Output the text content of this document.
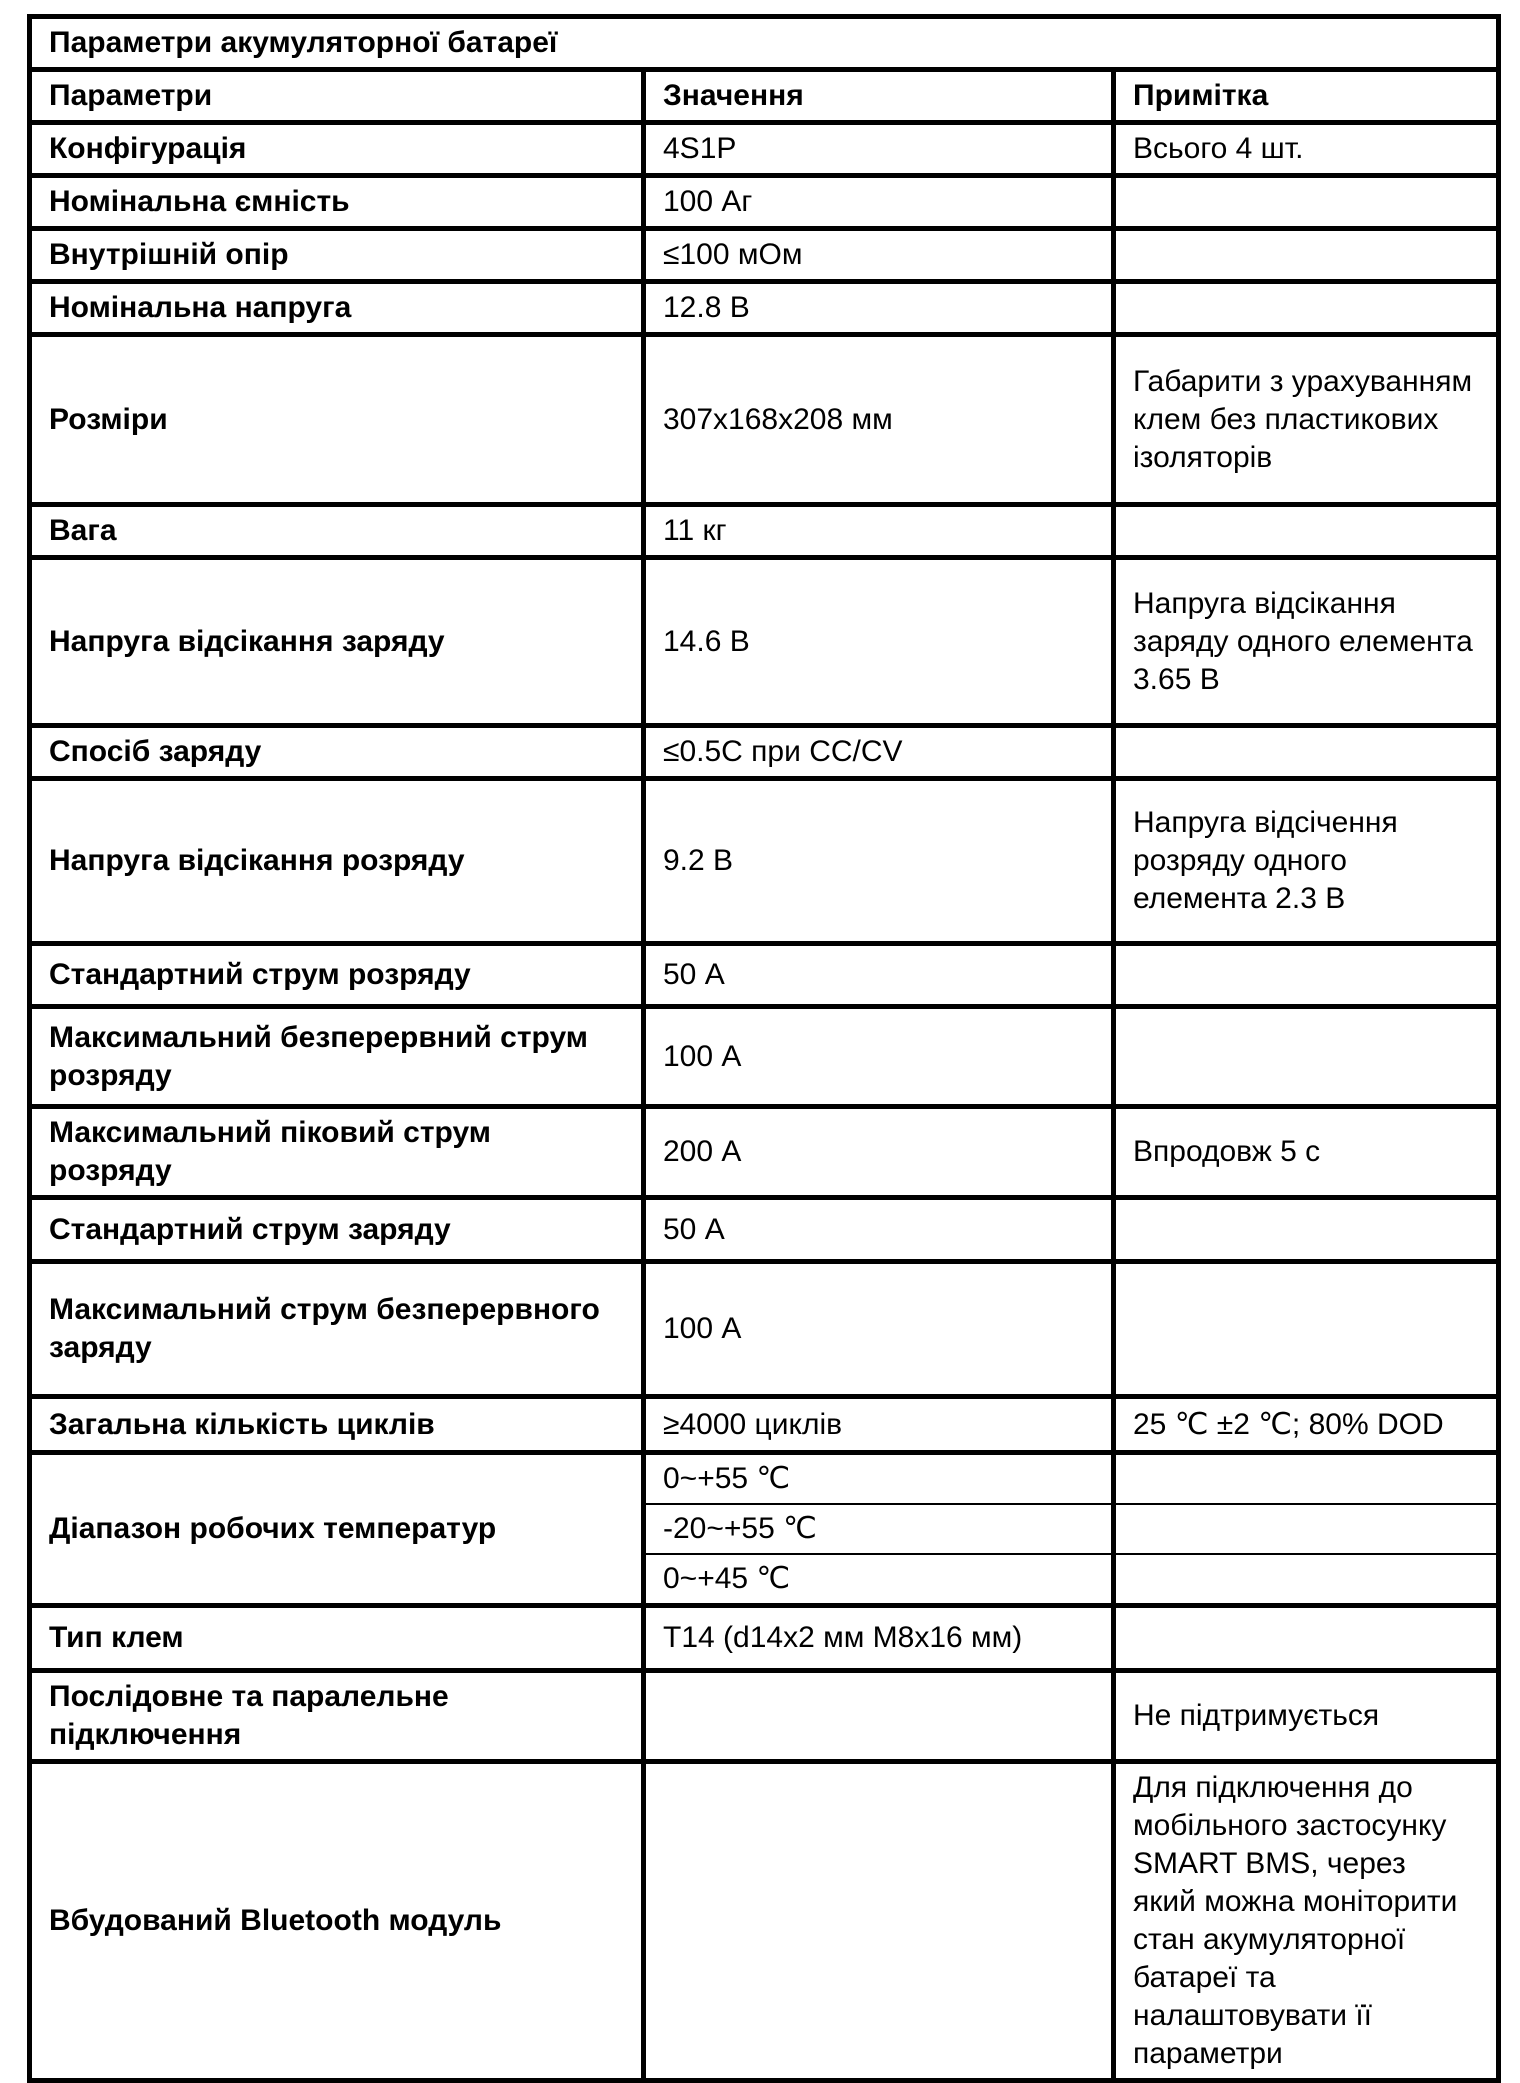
Параметри акумуляторної батареї		
Параметри	Значення	Примітка
Конфігурація	4S1P	Всього 4 шт.
Номінальна ємність	100 Аг	
Внутрішній опір	≤100 мОм	
Номінальна напруга	12.8 В	
Розміри	307х168х208 мм	Габарити з урахуванням клем без пластикових ізоляторів
Вага	11 кг	
Напруга відсікання заряду	14.6 В	Напруга відсікання заряду одного елемента 3.65 В
Спосіб заряду	≤0.5C при CC/CV	
Напруга відсікання розряду	9.2 В	Напруга відсічення розряду одного елемента 2.3 В
Стандартний струм розряду	50 А	
Максимальний безперервний струм розряду	100 А	
Максимальний піковий струм розряду	200 А	Впродовж 5 с
Стандартний струм заряду	50 А	
Максимальний струм безперервного заряду	100 А	
Загальна кількість циклів	≥4000 циклів	25 ℃ ±2 ℃; 80% DOD
Діапазон робочих температур	0~+55 ℃	
	-20~+55 ℃	
	0~+45 ℃	
Тип клем	T14 (d14x2 мм M8x16 мм)	
Послідовне та паралельне підключення		Не підтримується
Вбудований Bluetooth модуль		Для підключення до мобільного застосунку SMART BMS, через який можна моніторити стан акумуляторної батареї та налаштовувати її параметри
